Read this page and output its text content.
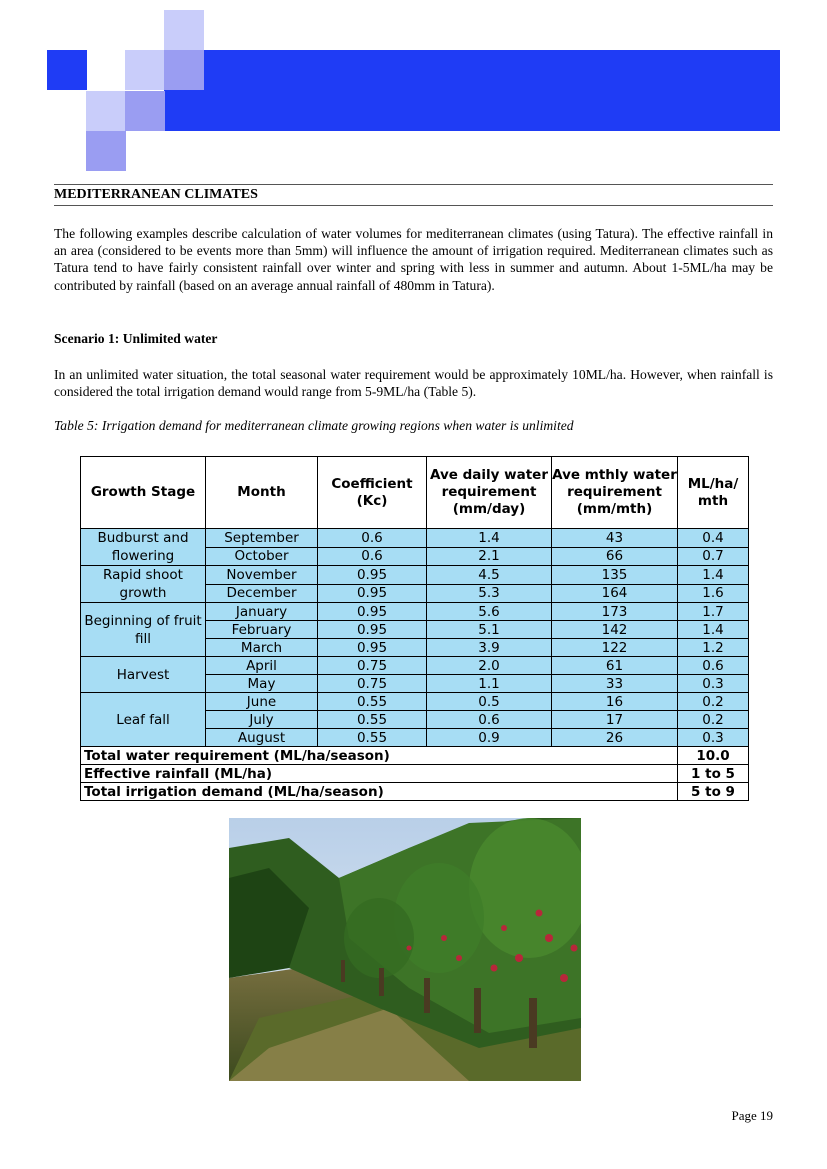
MEDITERRANEAN CLIMATES

The following examples describe calculation of water volumes for mediterranean climates (using Tatura). The effective rainfall in an area (considered to be events more than 5mm) will influence the amount of irrigation required. Mediterranean climates such as Tatura tend to have fairly consistent rainfall over winter and spring with less in summer and autumn. About 1-5ML/ha may be contributed by rainfall (based on an average annual rainfall of 480mm in Tatura).

Scenario 1: Unlimited water

In an unlimited water situation, the total seasonal water requirement would be approximately 10ML/ha. However, when rainfall is considered the total irrigation demand would range from 5-9ML/ha (Table 5).

Table 5: Irrigation demand for mediterranean climate growing regions when water is unlimited
Growth Stage	Month	Coefficient (Kc)	Ave daily water requirement (mm/day)	Ave mthly water requirement (mm/mth)	ML/ha/ mth
Budburst and flowering	September	0.6	1.4	43	0.4
	October	0.6	2.1	66	0.7
Rapid shoot growth	November	0.95	4.5	135	1.4
	December	0.95	5.3	164	1.6
Beginning of fruit fill	January	0.95	5.6	173	1.7
	February	0.95	5.1	142	1.4
	March	0.95	3.9	122	1.2
Harvest	April	0.75	2.0	61	0.6
	May	0.75	1.1	33	0.3
Leaf fall	June	0.55	0.5	16	0.2
	July	0.55	0.6	17	0.2
	August	0.55	0.9	26	0.3
Total water requirement (ML/ha/season)					10.0
Effective rainfall (ML/ha)					1 to 5
Total irrigation demand (ML/ha/season)					5 to 9
Page 19
